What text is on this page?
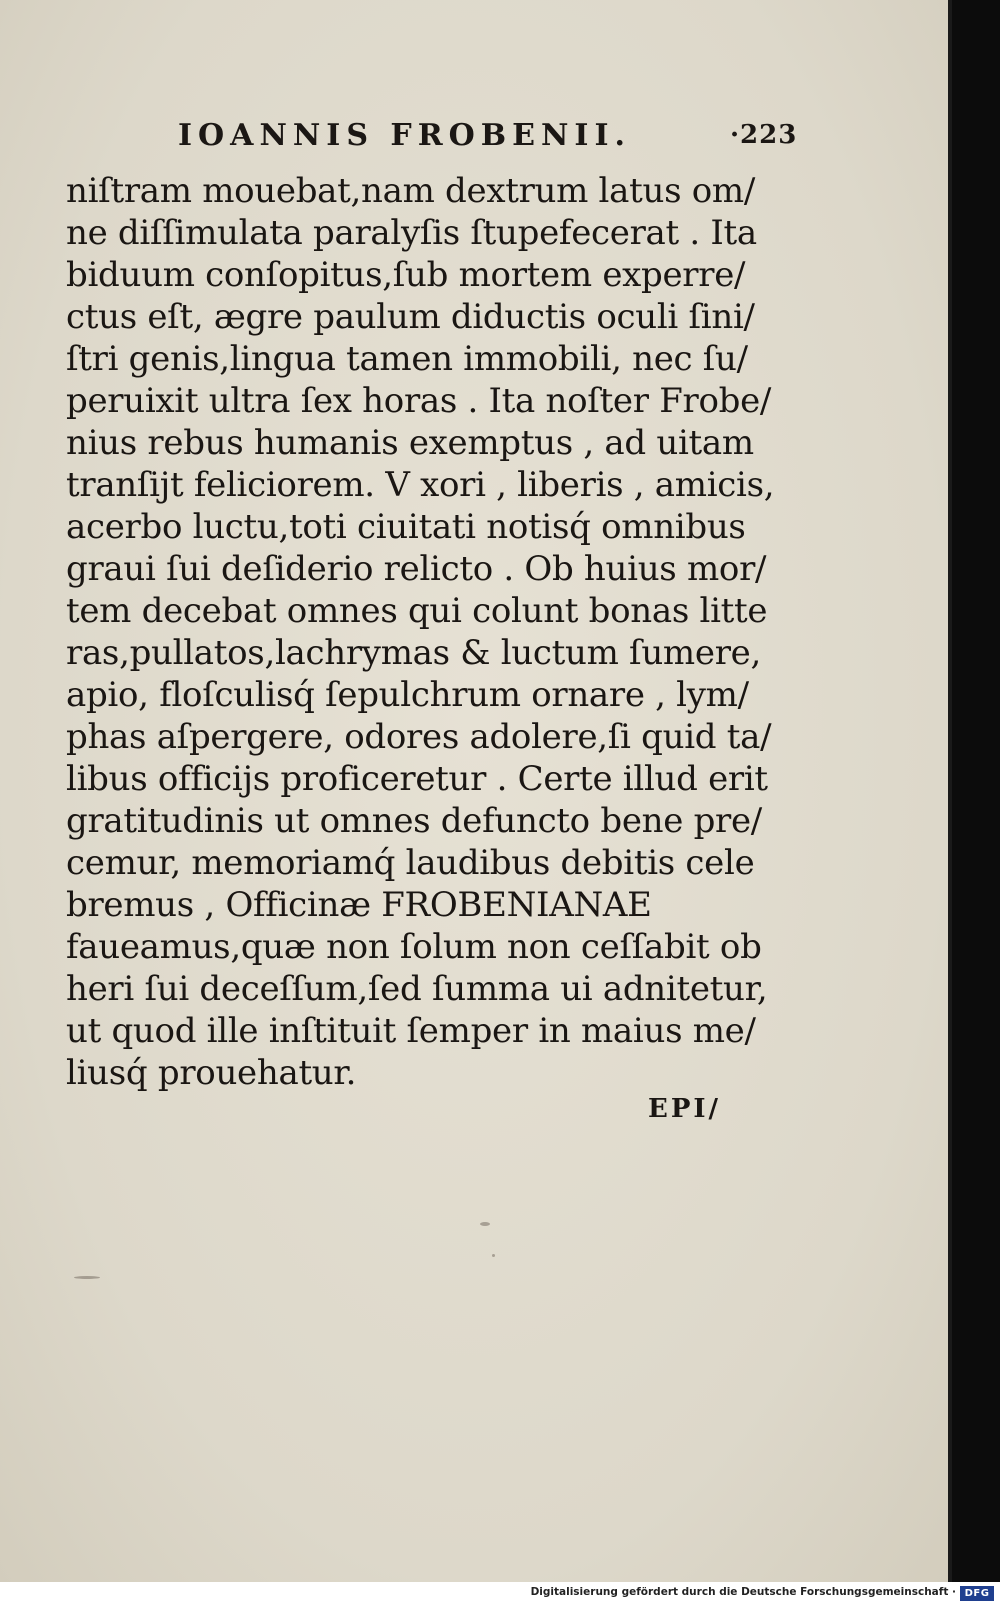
IOANNIS FROBENII.	·223
niſtram mouebat,nam dextrum latus om/
ne diſſimulata paralyſis ſtupefecerat . Ita
biduum conſopitus,ſub mortem experre/
ctus eſt, ægre paulum diductis oculi ſini/
ſtri genis,lingua tamen immobili, nec ſu/
peruixit ultra ſex horas . Ita noſter Frobe/
nius rebus humanis exemptus , ad uitam
tranſijt feliciorem. V xori , liberis , amicis,
acerbo luctu,toti ciuitati notisq́ omnibus
graui ſui deſiderio relicto . Ob huius mor/
tem decebat omnes qui colunt bonas litte
ras,pullatos,lachrymas & luctum ſumere,
apio, floſculisq́ ſepulchrum ornare , lym/
phas aſpergere, odores adolere,ſi quid ta/
libus officijs proficeretur . Certe illud erit
gratitudinis ut omnes defuncto bene pre/
cemur, memoriamq́ laudibus debitis cele
bremus , Officinæ FROBENIANAE
faueamus,quæ non ſolum non ceſſabit ob
heri ſui deceſſum,ſed ſumma ui adnitetur,
ut quod ille inſtituit ſemper in maius me/
liusq́ prouehatur.
EPI/
Digitalisierung gefördert durch die Deutsche Forschungsgemeinschaft · DFG
